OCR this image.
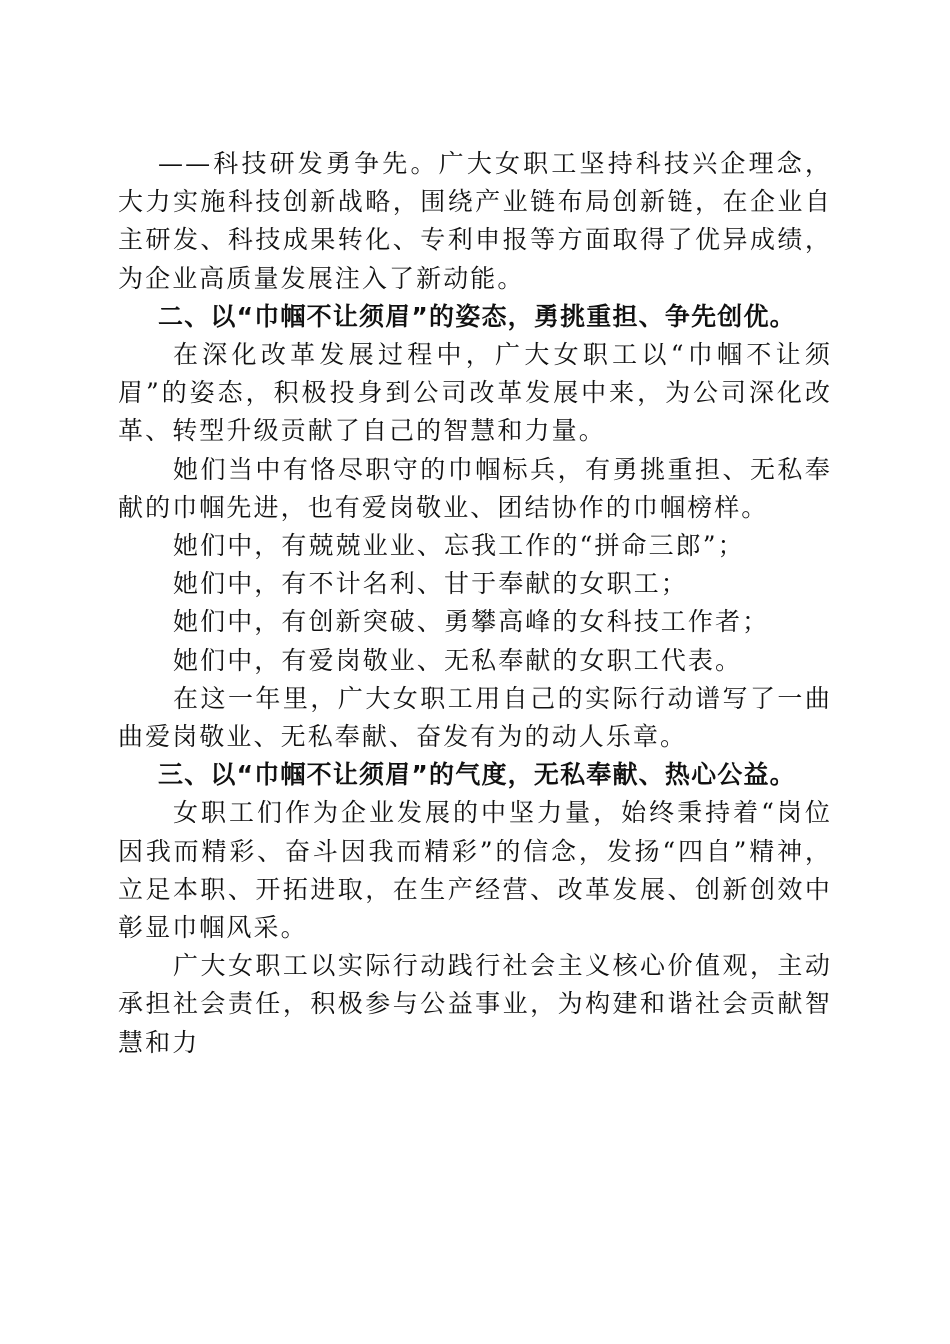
——科技研发勇争先。广大女职工坚持科技兴企理念，大力实施科技创新战略，围绕产业链布局创新链，在企业自主研发、科技成果转化、专利申报等方面取得了优异成绩，为企业高质量发展注入了新动能。

二、以“巾帼不让须眉”的姿态，勇挑重担、争先创优。

在深化改革发展过程中，广大女职工以“巾帼不让须眉”的姿态，积极投身到公司改革发展中来，为公司深化改革、转型升级贡献了自己的智慧和力量。

她们当中有恪尽职守的巾帼标兵，有勇挑重担、无私奉献的巾帼先进，也有爱岗敬业、团结协作的巾帼榜样。

她们中，有兢兢业业、忘我工作的“拼命三郎”；

她们中，有不计名利、甘于奉献的女职工；

她们中，有创新突破、勇攀高峰的女科技工作者；

她们中，有爱岗敬业、无私奉献的女职工代表。

在这一年里，广大女职工用自己的实际行动谱写了一曲曲爱岗敬业、无私奉献、奋发有为的动人乐章。

三、以“巾帼不让须眉”的气度，无私奉献、热心公益。

女职工们作为企业发展的中坚力量，始终秉持着“岗位因我而精彩、奋斗因我而精彩”的信念，发扬“四自”精神，立足本职、开拓进取，在生产经营、改革发展、创新创效中彰显巾帼风采。

广大女职工以实际行动践行社会主义核心价值观，主动承担社会责任，积极参与公益事业，为构建和谐社会贡献智慧和力
